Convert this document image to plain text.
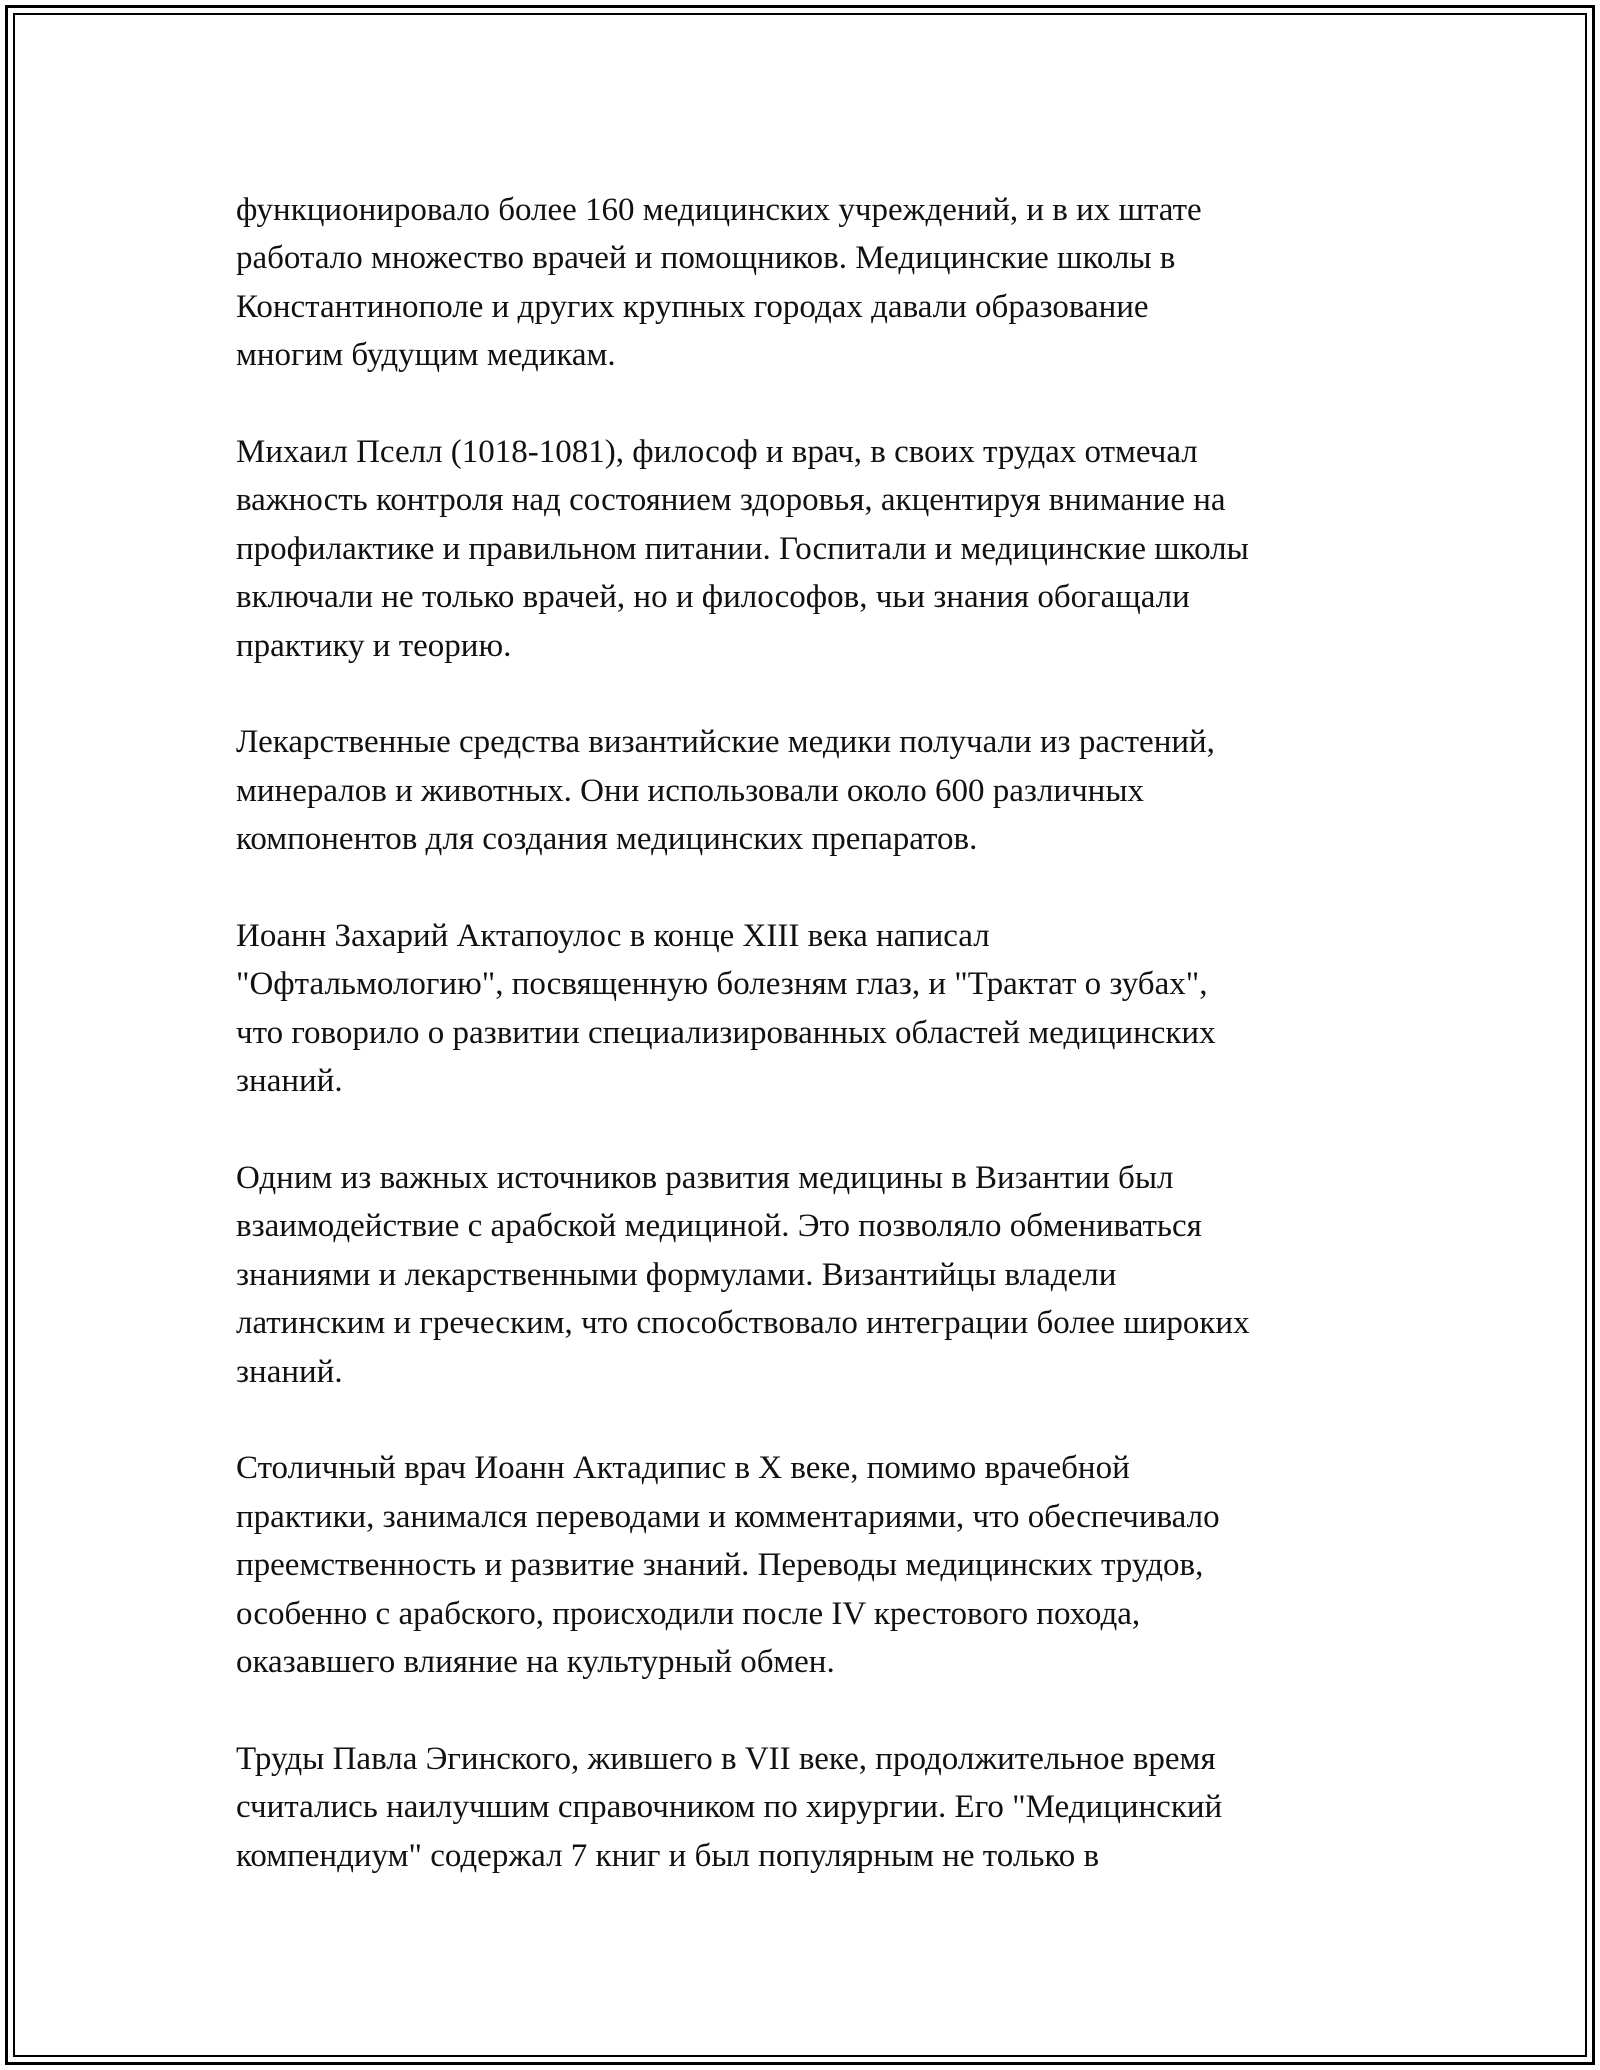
функционировало более 160 медицинских учреждений, и в их штате
работало множество врачей и помощников. Медицинские школы в
Константинополе и других крупных городах давали образование
многим будущим медикам.

Михаил Пселл (1018-1081), философ и врач, в своих трудах отмечал
важность контроля над состоянием здоровья, акцентируя внимание на
профилактике и правильном питании. Госпитали и медицинские школы
включали не только врачей, но и философов, чьи знания обогащали
практику и теорию.

Лекарственные средства византийские медики получали из растений,
минералов и животных. Они использовали около 600 различных
компонентов для создания медицинских препаратов.

Иоанн Захарий Актапоулос в конце XIII века написал
"Офтальмологию", посвященную болезням глаз, и "Трактат о зубах",
что говорило о развитии специализированных областей медицинских
знаний.

Одним из важных источников развития медицины в Византии был
взаимодействие с арабской медициной. Это позволяло обмениваться
знаниями и лекарственными формулами. Византийцы владели
латинским и греческим, что способствовало интеграции более широких
знаний.

Столичный врач Иоанн Актадипис в X веке, помимо врачебной
практики, занимался переводами и комментариями, что обеспечивало
преемственность и развитие знаний. Переводы медицинских трудов,
особенно с арабского, происходили после IV крестового похода,
оказавшего влияние на культурный обмен.

Труды Павла Эгинского, жившего в VII веке, продолжительное время
считались наилучшим справочником по хирургии. Его "Медицинский
компендиум" содержал 7 книг и был популярным не только в
